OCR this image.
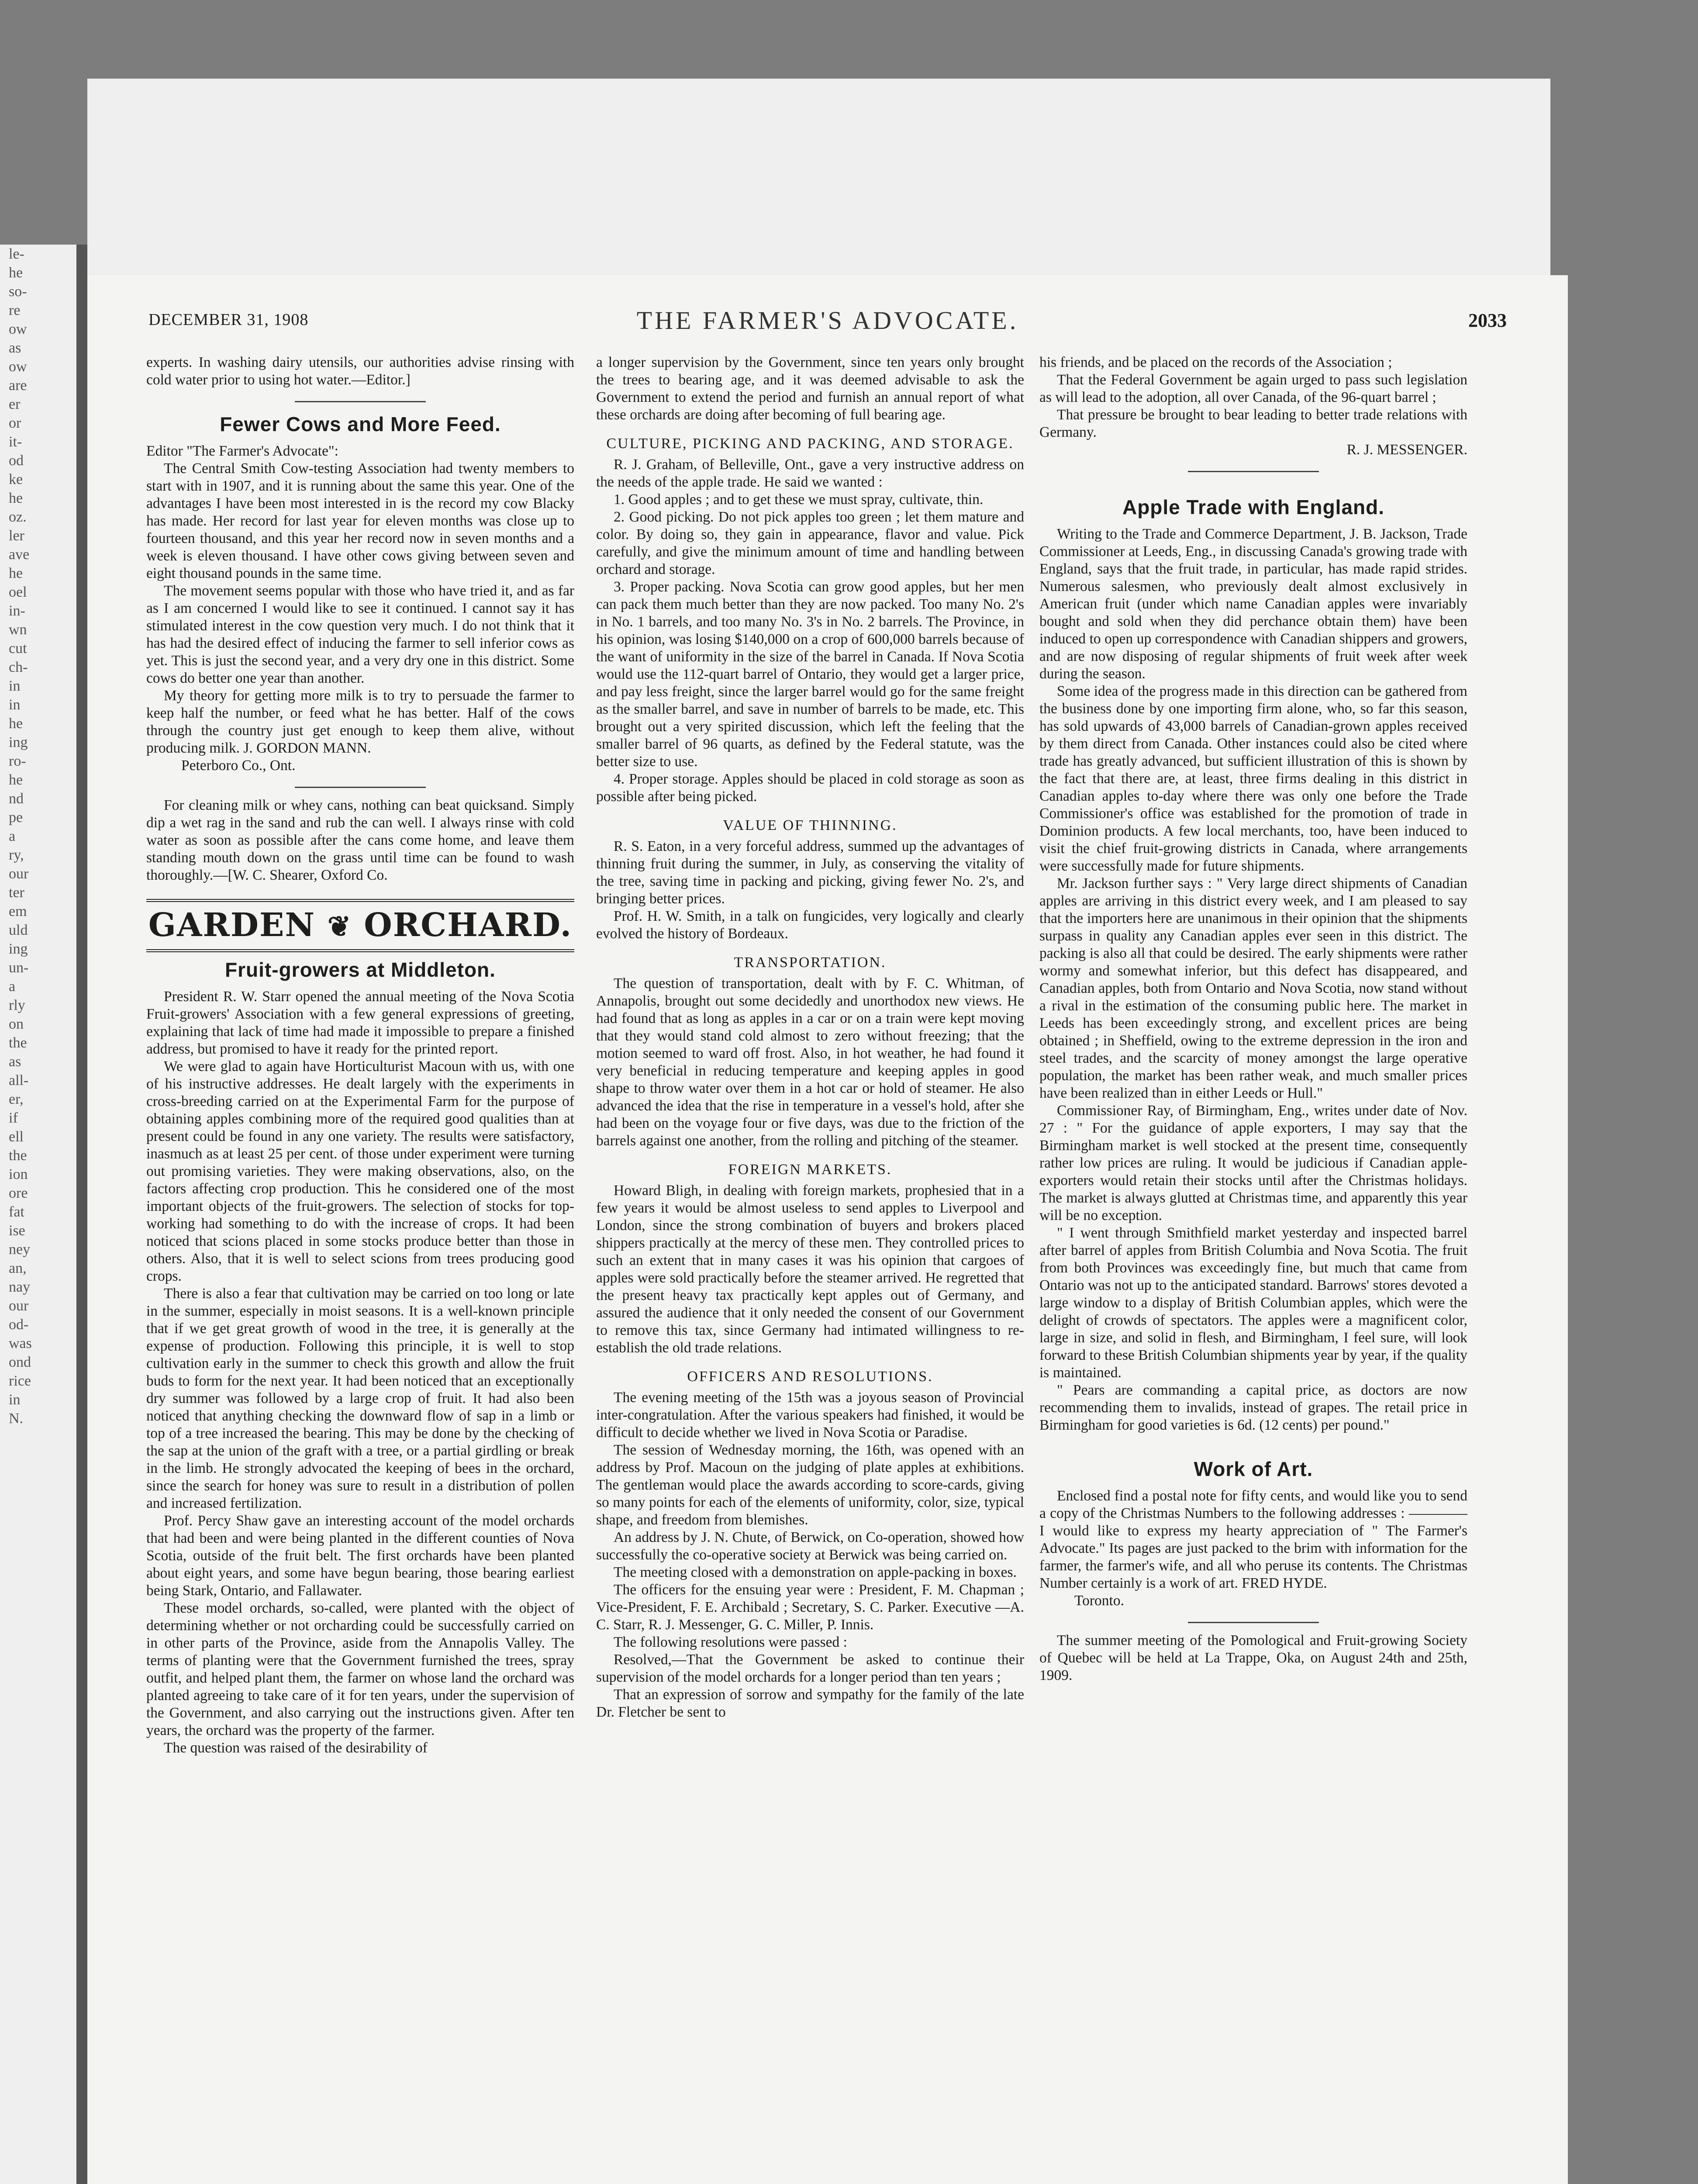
le-
he
so-
re
ow
as
ow
are
er
or
it-
od
ke
he
oz.
ler
ave
he
oel
in-
wn
cut
ch-
in
in
he
ing
ro-
he
nd
pe
a
ry,
our
ter
em
uld
ing
un-
a
rly
on
the
as
all-
er,
if
ell
the
ion
ore
fat
ise
ney
an,
nay
our
od-
was
ond
rice
in
N.
DECEMBER 31, 1908	THE FARMER'S ADVOCATE.	2033

experts. In washing dairy utensils, our authorities advise rinsing with cold water prior to using hot water.—Editor.]

Fewer Cows and More Feed.

Editor "The Farmer's Advocate":

The Central Smith Cow-testing Association had twenty members to start with in 1907, and it is running about the same this year. One of the advantages I have been most interested in is the record my cow Blacky has made. Her record for last year for eleven months was close up to fourteen thousand, and this year her record now in seven months and a week is eleven thousand. I have other cows giving between seven and eight thousand pounds in the same time.

The movement seems popular with those who have tried it, and as far as I am concerned I would like to see it continued. I cannot say it has stimulated interest in the cow question very much. I do not think that it has had the desired effect of inducing the farmer to sell inferior cows as yet. This is just the second year, and a very dry one in this district. Some cows do better one year than another.

My theory for getting more milk is to try to persuade the farmer to keep half the number, or feed what he has better. Half of the cows through the country just get enough to keep them alive, without producing milk. J. GORDON MANN.

Peterboro Co., Ont.

For cleaning milk or whey cans, nothing can beat quicksand. Simply dip a wet rag in the sand and rub the can well. I always rinse with cold water as soon as possible after the cans come home, and leave them standing mouth down on the grass until time can be found to wash thoroughly.—[W. C. Shearer, Oxford Co.

GARDEN ❦ ORCHARD.
Fruit-growers at Middleton.

President R. W. Starr opened the annual meeting of the Nova Scotia Fruit-growers' Association with a few general expressions of greeting, explaining that lack of time had made it impossible to prepare a finished address, but promised to have it ready for the printed report.

We were glad to again have Horticulturist Macoun with us, with one of his instructive addresses. He dealt largely with the experiments in cross-breeding carried on at the Experimental Farm for the purpose of obtaining apples combining more of the required good qualities than at present could be found in any one variety. The results were satisfactory, inasmuch as at least 25 per cent. of those under experiment were turning out promising varieties. They were making observations, also, on the factors affecting crop production. This he considered one of the most important objects of the fruit-growers. The selection of stocks for top-working had something to do with the increase of crops. It had been noticed that scions placed in some stocks produce better than those in others. Also, that it is well to select scions from trees producing good crops.

There is also a fear that cultivation may be carried on too long or late in the summer, especially in moist seasons. It is a well-known principle that if we get great growth of wood in the tree, it is generally at the expense of production. Following this principle, it is well to stop cultivation early in the summer to check this growth and allow the fruit buds to form for the next year. It had been noticed that an exceptionally dry summer was followed by a large crop of fruit. It had also been noticed that anything checking the downward flow of sap in a limb or top of a tree increased the bearing. This may be done by the checking of the sap at the union of the graft with a tree, or a partial girdling or break in the limb. He strongly advocated the keeping of bees in the orchard, since the search for honey was sure to result in a distribution of pollen and increased fertilization.

Prof. Percy Shaw gave an interesting account of the model orchards that had been and were being planted in the different counties of Nova Scotia, outside of the fruit belt. The first orchards have been planted about eight years, and some have begun bearing, those bearing earliest being Stark, Ontario, and Fallawater.

These model orchards, so-called, were planted with the object of determining whether or not orcharding could be successfully carried on in other parts of the Province, aside from the Annapolis Valley. The terms of planting were that the Government furnished the trees, spray outfit, and helped plant them, the farmer on whose land the orchard was planted agreeing to take care of it for ten years, under the supervision of the Government, and also carrying out the instructions given. After ten years, the orchard was the property of the farmer.

The question was raised of the desirability of

a longer supervision by the Government, since ten years only brought the trees to bearing age, and it was deemed advisable to ask the Government to extend the period and furnish an annual report of what these orchards are doing after becoming of full bearing age.

CULTURE, PICKING AND PACKING, AND STORAGE.

R. J. Graham, of Belleville, Ont., gave a very instructive address on the needs of the apple trade. He said we wanted :

1. Good apples ; and to get these we must spray, cultivate, thin.

2. Good picking. Do not pick apples too green ; let them mature and color. By doing so, they gain in appearance, flavor and value. Pick carefully, and give the minimum amount of time and handling between orchard and storage.

3. Proper packing. Nova Scotia can grow good apples, but her men can pack them much better than they are now packed. Too many No. 2's in No. 1 barrels, and too many No. 3's in No. 2 barrels. The Province, in his opinion, was losing $140,000 on a crop of 600,000 barrels because of the want of uniformity in the size of the barrel in Canada. If Nova Scotia would use the 112-quart barrel of Ontario, they would get a larger price, and pay less freight, since the larger barrel would go for the same freight as the smaller barrel, and save in number of barrels to be made, etc. This brought out a very spirited discussion, which left the feeling that the smaller barrel of 96 quarts, as defined by the Federal statute, was the better size to use.

4. Proper storage. Apples should be placed in cold storage as soon as possible after being picked.

VALUE OF THINNING.

R. S. Eaton, in a very forceful address, summed up the advantages of thinning fruit during the summer, in July, as conserving the vitality of the tree, saving time in packing and picking, giving fewer No. 2's, and bringing better prices.

Prof. H. W. Smith, in a talk on fungicides, very logically and clearly evolved the history of Bordeaux.

TRANSPORTATION.

The question of transportation, dealt with by F. C. Whitman, of Annapolis, brought out some decidedly and unorthodox new views. He had found that as long as apples in a car or on a train were kept moving that they would stand cold almost to zero without freezing; that the motion seemed to ward off frost. Also, in hot weather, he had found it very beneficial in reducing temperature and keeping apples in good shape to throw water over them in a hot car or hold of steamer. He also advanced the idea that the rise in temperature in a vessel's hold, after she had been on the voyage four or five days, was due to the friction of the barrels against one another, from the rolling and pitching of the steamer.

FOREIGN MARKETS.

Howard Bligh, in dealing with foreign markets, prophesied that in a few years it would be almost useless to send apples to Liverpool and London, since the strong combination of buyers and brokers placed shippers practically at the mercy of these men. They controlled prices to such an extent that in many cases it was his opinion that cargoes of apples were sold practically before the steamer arrived. He regretted that the present heavy tax practically kept apples out of Germany, and assured the audience that it only needed the consent of our Government to remove this tax, since Germany had intimated willingness to re-establish the old trade relations.

OFFICERS AND RESOLUTIONS.

The evening meeting of the 15th was a joyous season of Provincial inter-congratulation. After the various speakers had finished, it would be difficult to decide whether we lived in Nova Scotia or Paradise.

The session of Wednesday morning, the 16th, was opened with an address by Prof. Macoun on the judging of plate apples at exhibitions. The gentleman would place the awards according to score-cards, giving so many points for each of the elements of uniformity, color, size, typical shape, and freedom from blemishes.

An address by J. N. Chute, of Berwick, on Co-operation, showed how successfully the co-operative society at Berwick was being carried on.

The meeting closed with a demonstration on apple-packing in boxes.

The officers for the ensuing year were : President, F. M. Chapman ; Vice-President, F. E. Archibald ; Secretary, S. C. Parker. Executive —A. C. Starr, R. J. Messenger, G. C. Miller, P. Innis.

The following resolutions were passed :

Resolved,—That the Government be asked to continue their supervision of the model orchards for a longer period than ten years ;

That an expression of sorrow and sympathy for the family of the late Dr. Fletcher be sent to

his friends, and be placed on the records of the Association ;

That the Federal Government be again urged to pass such legislation as will lead to the adoption, all over Canada, of the 96-quart barrel ;

That pressure be brought to bear leading to better trade relations with Germany.

R. J. MESSENGER.

Apple Trade with England.

Writing to the Trade and Commerce Department, J. B. Jackson, Trade Commissioner at Leeds, Eng., in discussing Canada's growing trade with England, says that the fruit trade, in particular, has made rapid strides. Numerous salesmen, who previously dealt almost exclusively in American fruit (under which name Canadian apples were invariably bought and sold when they did perchance obtain them) have been induced to open up correspondence with Canadian shippers and growers, and are now disposing of regular shipments of fruit week after week during the season.

Some idea of the progress made in this direction can be gathered from the business done by one importing firm alone, who, so far this season, has sold upwards of 43,000 barrels of Canadian-grown apples received by them direct from Canada. Other instances could also be cited where trade has greatly advanced, but sufficient illustration of this is shown by the fact that there are, at least, three firms dealing in this district in Canadian apples to-day where there was only one before the Trade Commissioner's office was established for the promotion of trade in Dominion products. A few local merchants, too, have been induced to visit the chief fruit-growing districts in Canada, where arrangements were successfully made for future shipments.

Mr. Jackson further says : " Very large direct shipments of Canadian apples are arriving in this district every week, and I am pleased to say that the importers here are unanimous in their opinion that the shipments surpass in quality any Canadian apples ever seen in this district. The packing is also all that could be desired. The early shipments were rather wormy and somewhat inferior, but this defect has disappeared, and Canadian apples, both from Ontario and Nova Scotia, now stand without a rival in the estimation of the consuming public here. The market in Leeds has been exceedingly strong, and excellent prices are being obtained ; in Sheffield, owing to the extreme depression in the iron and steel trades, and the scarcity of money amongst the large operative population, the market has been rather weak, and much smaller prices have been realized than in either Leeds or Hull."

Commissioner Ray, of Birmingham, Eng., writes under date of Nov. 27 : " For the guidance of apple exporters, I may say that the Birmingham market is well stocked at the present time, consequently rather low prices are ruling. It would be judicious if Canadian apple-exporters would retain their stocks until after the Christmas holidays. The market is always glutted at Christmas time, and apparently this year will be no exception.

" I went through Smithfield market yesterday and inspected barrel after barrel of apples from British Columbia and Nova Scotia. The fruit from both Provinces was exceedingly fine, but much that came from Ontario was not up to the anticipated standard. Barrows' stores devoted a large window to a display of British Columbian apples, which were the delight of crowds of spectators. The apples were a magnificent color, large in size, and solid in flesh, and Birmingham, I feel sure, will look forward to these British Columbian shipments year by year, if the quality is maintained.

" Pears are commanding a capital price, as doctors are now recommending them to invalids, instead of grapes. The retail price in Birmingham for good varieties is 6d. (12 cents) per pound."

Work of Art.

Enclosed find a postal note for fifty cents, and would like you to send a copy of the Christmas Numbers to the following addresses : ———— I would like to express my hearty appreciation of " The Farmer's Advocate." Its pages are just packed to the brim with information for the farmer, the farmer's wife, and all who peruse its contents. The Christmas Number certainly is a work of art. FRED HYDE.

Toronto.

The summer meeting of the Pomological and Fruit-growing Society of Quebec will be held at La Trappe, Oka, on August 24th and 25th, 1909.
